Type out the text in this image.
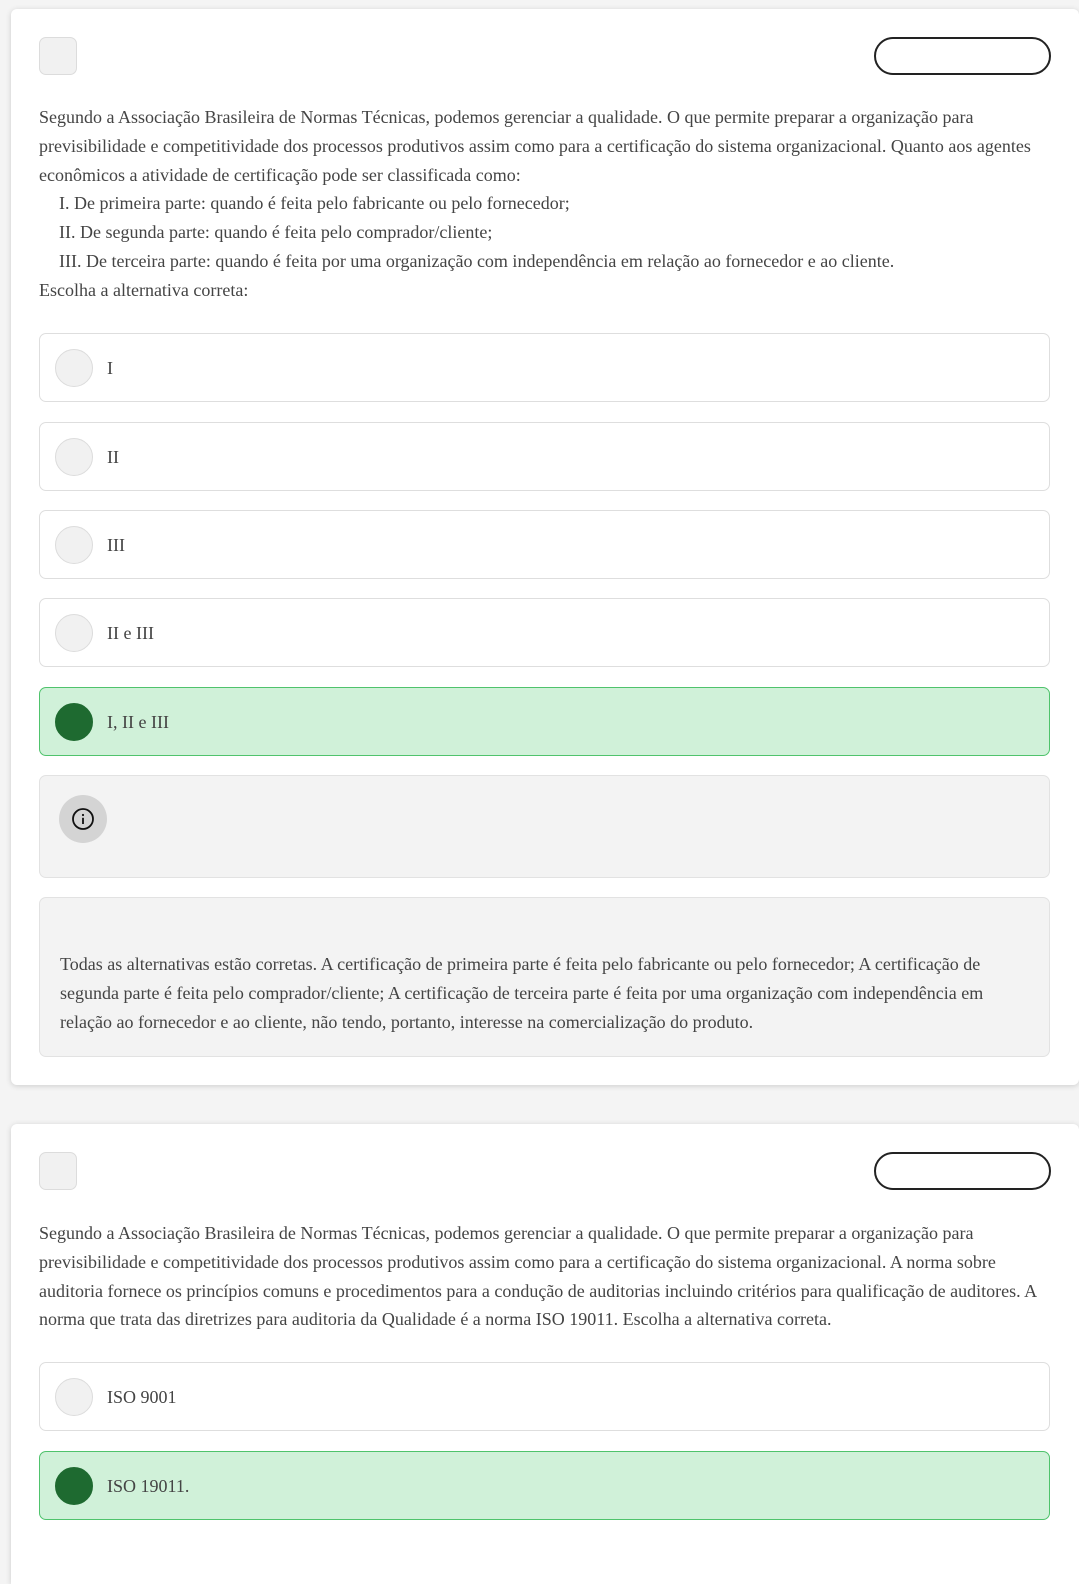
Segundo a Associação Brasileira de Normas Técnicas, podemos gerenciar a qualidade. O que permite preparar a organização para previsibilidade e competitividade dos processos produtivos assim como para a certificação do sistema organizacional. Quanto aos agentes econômicos a atividade de certificação pode ser classificada como:
I. De primeira parte: quando é feita pelo fabricante ou pelo fornecedor;
II. De segunda parte: quando é feita pelo comprador/cliente;
III. De terceira parte: quando é feita por uma organização com independência em relação ao fornecedor e ao cliente.
Escolha a alternativa correta:

I
II
III
II e III
I, II e III

Todas as alternativas estão corretas. A certificação de primeira parte é feita pelo fabricante ou pelo fornecedor; A certificação de segunda parte é feita pelo comprador/cliente; A certificação de terceira parte é feita por uma organização com independência em relação ao fornecedor e ao cliente, não tendo, portanto, interesse na comercialização do produto.

Segundo a Associação Brasileira de Normas Técnicas, podemos gerenciar a qualidade. O que permite preparar a organização para previsibilidade e competitividade dos processos produtivos assim como para a certificação do sistema organizacional. A norma sobre auditoria fornece os princípios comuns e procedimentos para a condução de auditorias incluindo critérios para qualificação de auditores. A norma que trata das diretrizes para auditoria da Qualidade é a norma ISO 19011. Escolha a alternativa correta.

ISO 9001
ISO 19011.
